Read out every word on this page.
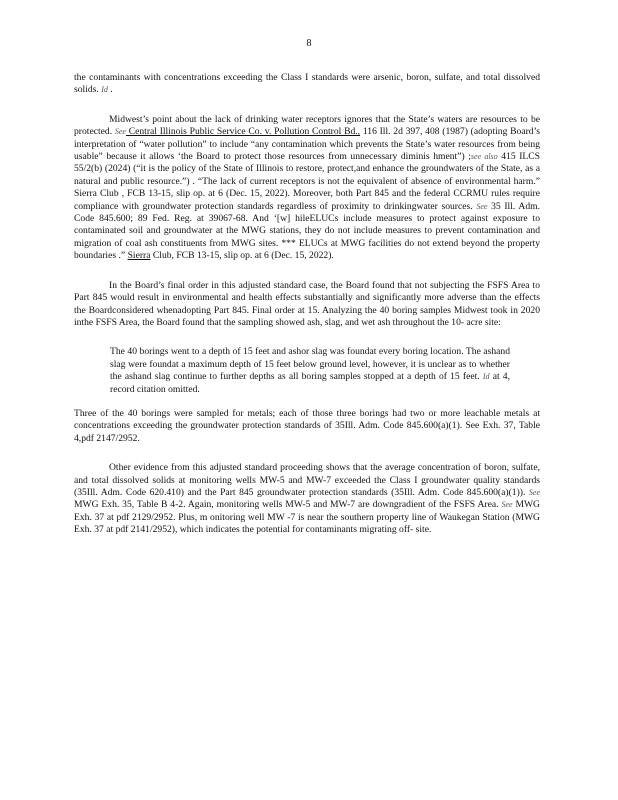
8

the contaminants with concentrations exceeding the Class I standards were arsenic, boron, sulfate, and total dissolved solids. Id .

Midwest’s point about the lack of drinking water receptors ignores that the State’s waters are resources to be protected. See Central Illinois Public Service Co. v. Pollution Control Bd., 116 Ill. 2d 397, 408 (1987) (adopting Board’s interpretation of “water pollution” to include “any contamination which prevents the State’s water resources from being usable” because it allows ‘the Board to protect those resources from unnecessary diminis hment”) ;see also 415 ILCS 55/2(b) (2024) (“it is the policy of the State of Illinois to restore, protect,and enhance the groundwaters of the State, as a natural and public resource.”) . “The lack of current receptors is not the equivalent of absence of environmental harm.” Sierra Club , FCB 13-15, slip op. at 6 (Dec. 15, 2022). Moreover, both Part 845 and the federal CCRMU rules require compliance with groundwater protection standards regardless of proximity to drinkingwater sources. See 35 Ill. Adm. Code 845.600; 89 Fed. Reg. at 39067-68. And ‘[w] hileELUCs include measures to protect against exposure to contaminated soil and groundwater at the MWG stations, they do not include measures to prevent contamination and migration of coal ash constituents from MWG sites. *** ELUCs at MWG facilities do not extend beyond the property boundaries .” Sierra Club, FCB 13-15, slip op. at 6 (Dec. 15, 2022).

In the Board’s final order in this adjusted standard case, the Board found that not subjecting the FSFS Area to Part 845 would result in environmental and health effects substantially and significantly more adverse than the effects the Boardconsidered whenadopting Part 845. Final order at 15. Analyzing the 40 boring samples Midwest took in 2020 inthe FSFS Area, the Board found that the sampling showed ash, slag, and wet ash throughout the 10- acre site:

The 40 borings went to a depth of 15 feet and ashor slag was foundat every boring location. The ashand slag were foundat a maximum depth of 15 feet below ground level, however, it is unclear as to whether the ashand slag continue to further depths as all boring samples stopped at a depth of 15 feet. Id at 4, record citation omitted.

Three of the 40 borings were sampled for metals; each of those three borings had two or more leachable metals at concentrations exceeding the groundwater protection standards of 35Ill. Adm. Code 845.600(a)(1). See Exh. 37, Table 4,pdf 2147/2952.

Other evidence from this adjusted standard proceeding shows that the average concentration of boron, sulfate, and total dissolved solids at monitoring wells MW-5 and MW-7 exceeded the Class I groundwater quality standards (35Ill. Adm. Code 620.410) and the Part 845 groundwater protection standards (35Ill. Adm. Code 845.600(a)(1)). See MWG Exh. 35, Table B 4-2. Again, monitoring wells MW-5 and MW-7 are downgradient of the FSFS Area. See MWG Exh. 37 at pdf 2129/2952. Plus, m onitoring well MW -7 is near the southern property line of Waukegan Station (MWG Exh. 37 at pdf 2141/2952), which indicates the potential for contaminants migrating off- site.
